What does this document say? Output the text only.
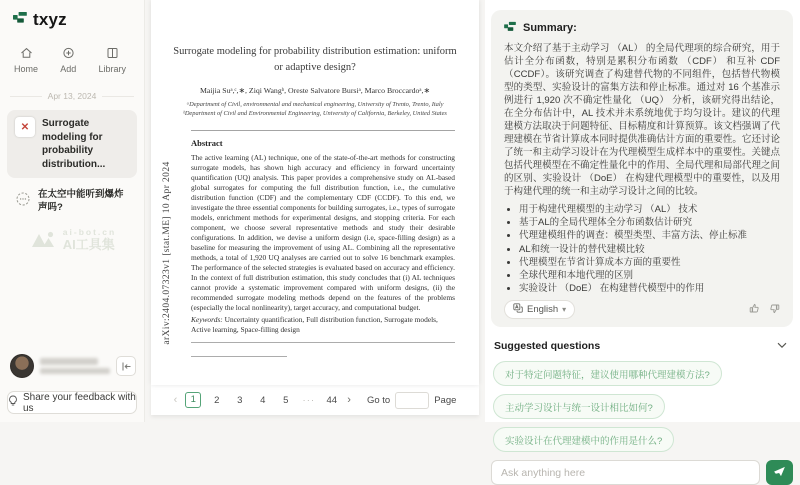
txyz
Home Add Library
Apr 13, 2024
✕ Surrogate modeling for probability distribution...
在太空中能听到爆炸声吗?
ai-bot.cn
AI工具集
Share your feedback with us
Surrogate modeling for probability distribution estimation: uniform or adaptive design?
Maijia Suᵃ,ᶜ,∗, Ziqi Wangᵇ, Oreste Salvatore Bursiᵃ, Marco Broccardoᵃ,∗
ᵃDepartment of Civil, environmental and mechanical engineering, University of Trento, Trento, Italy
ᵇDepartment of Civil and Environmental Engineering, University of California, Berkeley, United States
Abstract
The active learning (AL) technique, one of the state-of-the-art methods for constructing surrogate models, has shown high accuracy and efficiency in forward uncertainty quantification (UQ) analysis. This paper provides a comprehensive study on AL-based global surrogates for computing the full distribution function, i.e., the cumulative distribution function (CDF) and the complementary CDF (CCDF). To this end, we investigate the three essential components for building surrogates, i.e., types of surrogate models, enrichment methods for experimental designs, and stopping criteria. For each component, we choose several representative methods and study their desirable configurations. In addition, we devise a uniform design (i.e, space-filling design) as a baseline for measuring the improvement of using AL. Combining all the representative methods, a total of 1,920 UQ analyses are carried out to solve 16 benchmark examples. The performance of the selected strategies is evaluated based on accuracy and efficiency. In the context of full distribution estimation, this study concludes that (i) AL techniques cannot provide a systematic improvement compared with uniform designs, (ii) the recommended surrogate modeling methods depend on the features of the problems (especially the local nonlinearity), target accuracy, and computational budget.
Keywords: Uncertainty quantification, Full distribution function, Surrogate models, Active learning, Space-filling design
arXiv:2404.07323v1 [stat.ME] 10 Apr 2024
‹	1	2	3	4	5	··· 44 › Go to	Page
Summary:
本文介绍了基于主动学习 （AL） 的全局代理项的综合研究，用于估计全分布函数，特别是累积分布函数 （CDF） 和互补 CDF （CCDF）。该研究调查了构建替代物的不同组件，包括替代物模型的类型、实验设计的富集方法和停止标准。通过对 16 个基准示例进行 1,920 次不确定性量化 （UQ） 分析，该研究得出结论，在全分布估计中，AL 技术并未系统地优于均匀设计。建议的代理建模方法取决于问题特征、目标精度和计算预算。该文档强调了代理建模在节省计算成本同时提供准确估计方面的重要性。它还讨论了统一和主动学习设计在为代理模型生成样本中的重要性。关键点包括代理模型在不确定性量化中的作用、全局代理和局部代理之间的区别、实验设计 （DoE） 在构建代理模型中的重要性，以及用于构建代理的统一和主动学习设计之间的比较。
• 用于构建代理模型的主动学习 （AL） 技术
• 基于AL的全局代理体全分布函数估计研究
• 代理建模组件的调查：模型类型、丰富方法、停止标准
• AL和统一设计的替代建模比较
• 代理模型在节省计算成本方面的重要性
• 全球代理和本地代理的区别
• 实验设计 （DoE） 在构建替代模型中的作用
English ▾
Suggested questions
对于特定问题特征，建议使用哪种代理建模方法?
主动学习设计与统一设计相比如何?
实验设计在代理建模中的作用是什么?
Ask anything here
